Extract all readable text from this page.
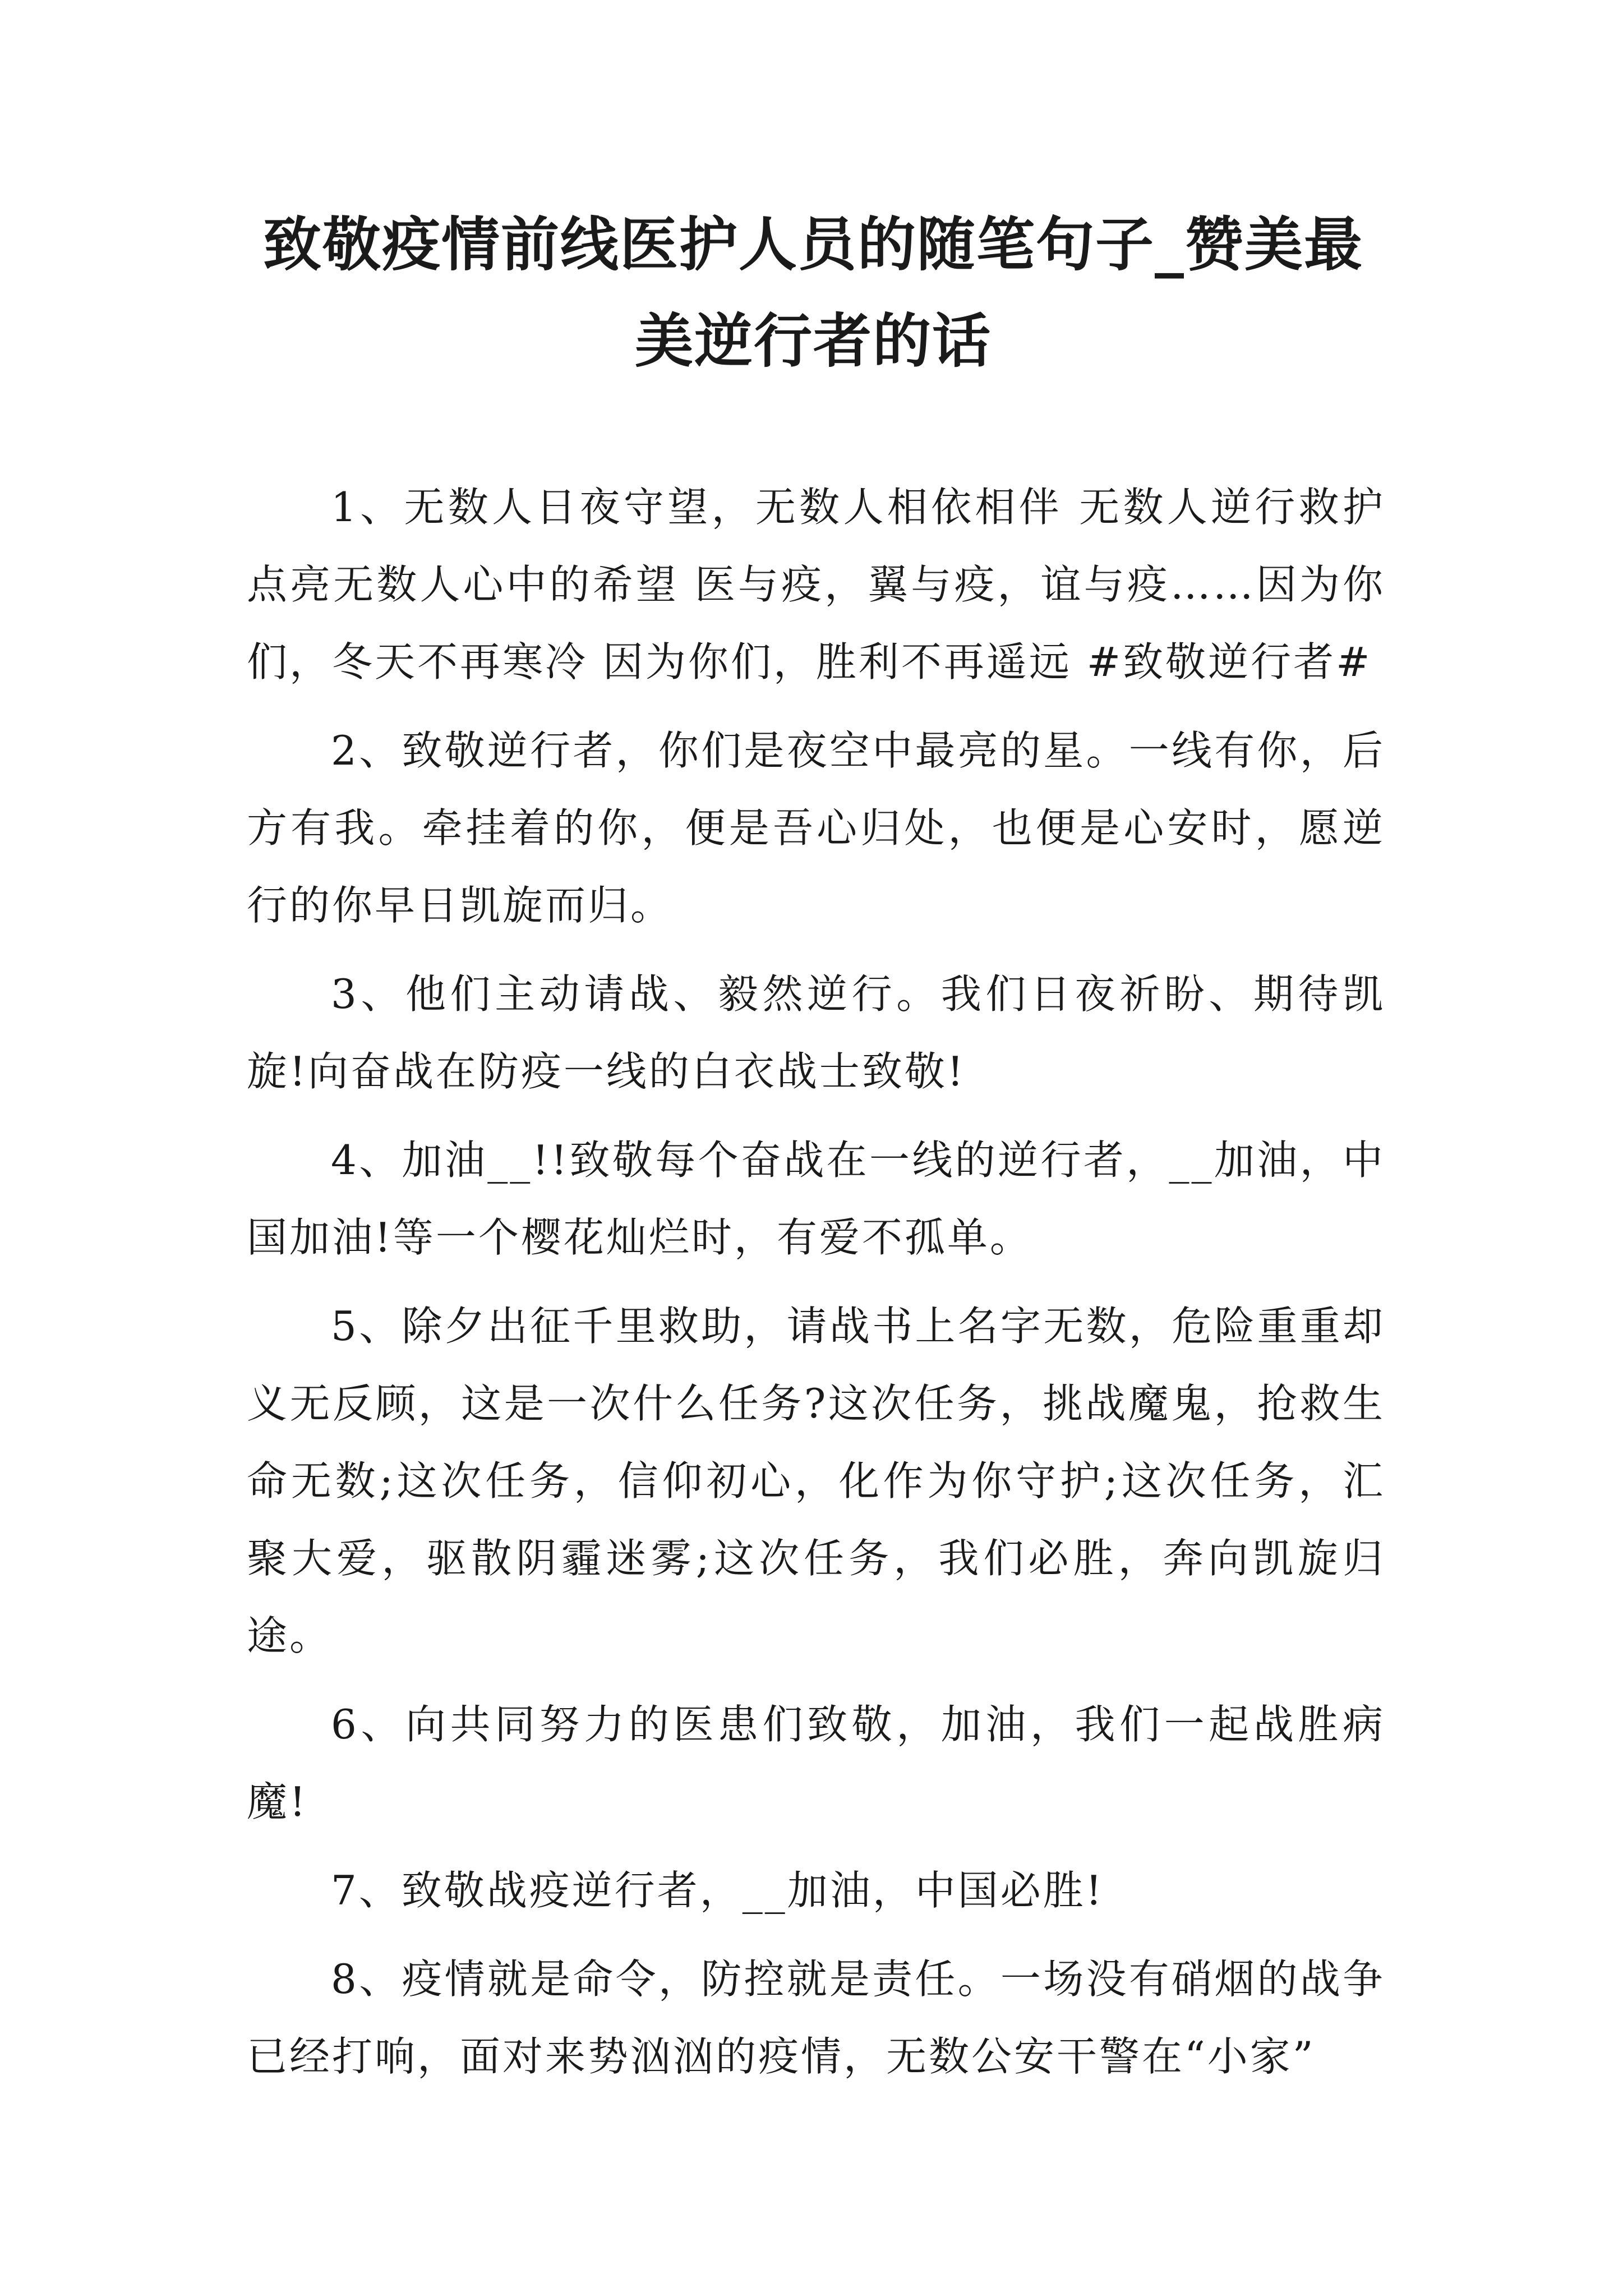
致敬疫情前线医护人员的随笔句子_赞美最美逆行者的话

1、无数人日夜守望，无数人相依相伴 无数人逆行救护 点亮无数人心中的希望 医与疫，翼与疫，谊与疫……因为你们，冬天不再寒冷 因为你们，胜利不再遥远 #致敬逆行者#

2、致敬逆行者，你们是夜空中最亮的星。一线有你，后方有我。牵挂着的你，便是吾心归处，也便是心安时，愿逆行的你早日凯旋而归。

3、他们主动请战、毅然逆行。我们日夜祈盼、期待凯旋!向奋战在防疫一线的白衣战士致敬!

4、加油__!!致敬每个奋战在一线的逆行者，__加油，中国加油!等一个樱花灿烂时，有爱不孤单。

5、除夕出征千里救助，请战书上名字无数，危险重重却义无反顾，这是一次什么任务?这次任务，挑战魔鬼，抢救生命无数;这次任务，信仰初心，化作为你守护;这次任务，汇聚大爱，驱散阴霾迷雾;这次任务，我们必胜，奔向凯旋归途。

6、向共同努力的医患们致敬，加油，我们一起战胜病魔!

7、致敬战疫逆行者，__加油，中国必胜!

8、疫情就是命令，防控就是责任。一场没有硝烟的战争已经打响，面对来势汹汹的疫情，无数公安干警在“小家”
